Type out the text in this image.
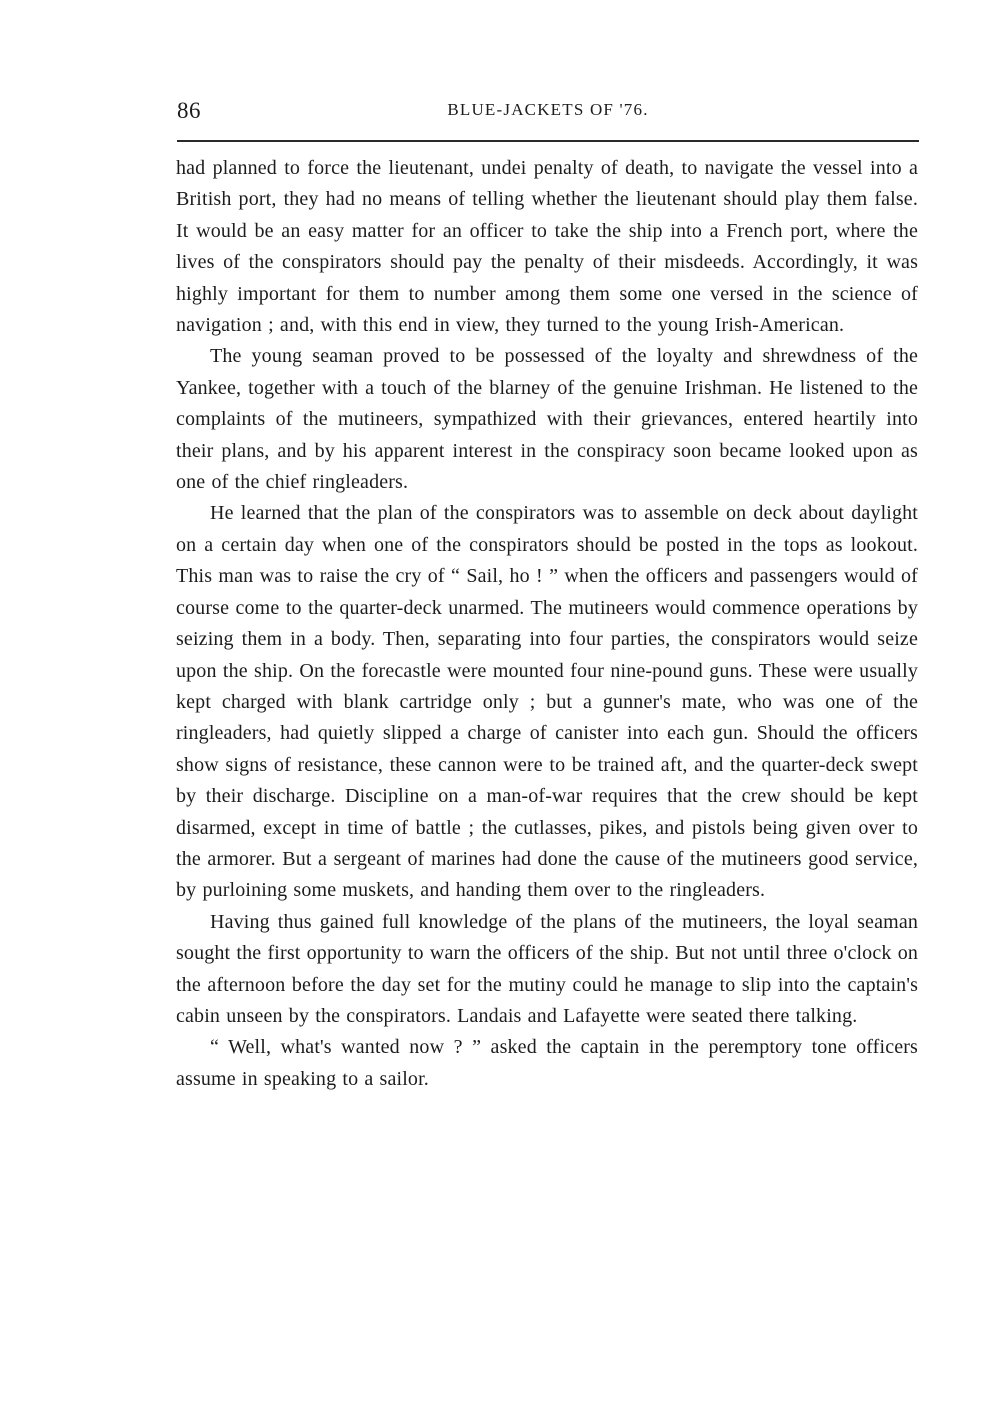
86	BLUE-JACKETS OF '76.

had planned to force the lieutenant, undei penalty of death, to navigate the vessel into a British port, they had no means of telling whether the lieutenant should play them false. It would be an easy matter for an officer to take the ship into a French port, where the lives of the conspirators should pay the penalty of their misdeeds. Accordingly, it was highly important for them to number among them some one versed in the science of navigation ; and, with this end in view, they turned to the young Irish-American.

The young seaman proved to be possessed of the loyalty and shrewdness of the Yankee, together with a touch of the blarney of the genuine Irishman. He listened to the complaints of the mutineers, sympathized with their grievances, entered heartily into their plans, and by his apparent interest in the conspiracy soon became looked upon as one of the chief ringleaders.

He learned that the plan of the conspirators was to assemble on deck about daylight on a certain day when one of the conspirators should be posted in the tops as lookout. This man was to raise the cry of “ Sail, ho ! ” when the officers and passengers would of course come to the quarter-deck unarmed. The mutineers would commence operations by seizing them in a body. Then, separating into four parties, the conspirators would seize upon the ship. On the forecastle were mounted four nine-pound guns. These were usually kept charged with blank cartridge only ; but a gunner's mate, who was one of the ringleaders, had quietly slipped a charge of canister into each gun. Should the officers show signs of resistance, these cannon were to be trained aft, and the quarter-deck swept by their discharge. Discipline on a man-of-war requires that the crew should be kept disarmed, except in time of battle ; the cutlasses, pikes, and pistols being given over to the armorer. But a sergeant of marines had done the cause of the mutineers good service, by purloining some muskets, and handing them over to the ringleaders.

Having thus gained full knowledge of the plans of the mutineers, the loyal seaman sought the first opportunity to warn the officers of the ship. But not until three o'clock on the afternoon before the day set for the mutiny could he manage to slip into the captain's cabin unseen by the conspirators. Landais and Lafayette were seated there talking.

“ Well, what's wanted now ? ” asked the captain in the peremptory tone officers assume in speaking to a sailor.
